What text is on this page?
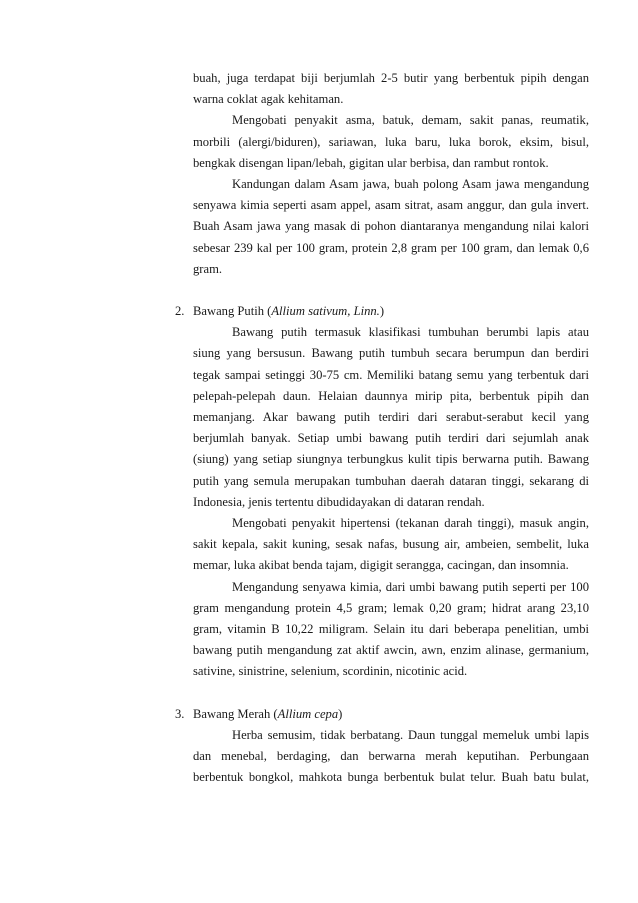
buah, juga terdapat biji berjumlah 2-5 butir yang berbentuk pipih dengan
warna coklat agak kehitaman.
Mengobati penyakit asma, batuk, demam, sakit panas, reumatik,
morbili (alergi/biduren), sariawan, luka baru, luka borok, eksim, bisul,
bengkak disengan lipan/lebah, gigitan ular berbisa, dan rambut rontok.
Kandungan dalam Asam jawa, buah polong Asam jawa mengandung
senyawa kimia seperti asam appel, asam sitrat, asam anggur, dan gula invert.
Buah Asam jawa yang masak di pohon diantaranya mengandung nilai kalori
sebesar 239 kal per 100 gram, protein 2,8 gram per 100 gram, dan lemak 0,6
gram.
2. Bawang Putih (Allium sativum, Linn.)
Bawang putih termasuk klasifikasi tumbuhan berumbi lapis atau
siung yang bersusun. Bawang putih tumbuh secara berumpun dan berdiri
tegak sampai setinggi 30-75 cm. Memiliki batang semu yang terbentuk dari
pelepah-pelepah daun. Helaian daunnya mirip pita, berbentuk pipih dan
memanjang. Akar bawang putih terdiri dari serabut-serabut kecil yang
berjumlah banyak. Setiap umbi bawang putih terdiri dari sejumlah anak
(siung) yang setiap siungnya terbungkus kulit tipis berwarna putih. Bawang
putih yang semula merupakan tumbuhan daerah dataran tinggi, sekarang di
Indonesia, jenis tertentu dibudidayakan di dataran rendah.
Mengobati penyakit hipertensi (tekanan darah tinggi), masuk angin,
sakit kepala, sakit kuning, sesak nafas, busung air, ambeien, sembelit, luka
memar, luka akibat benda tajam, digigit serangga, cacingan, dan insomnia.
Mengandung senyawa kimia, dari umbi bawang putih seperti per 100
gram mengandung protein 4,5 gram; lemak 0,20 gram; hidrat arang 23,10
gram, vitamin B 10,22 miligram. Selain itu dari beberapa penelitian, umbi
bawang putih mengandung zat aktif awcin, awn, enzim alinase, germanium,
sativine, sinistrine, selenium, scordinin, nicotinic acid.
3. Bawang Merah (Allium cepa)
Herba semusim, tidak berbatang. Daun tunggal memeluk umbi lapis
dan menebal, berdaging, dan berwarna merah keputihan. Perbungaan
berbentuk bongkol, mahkota bunga berbentuk bulat telur. Buah batu bulat,
